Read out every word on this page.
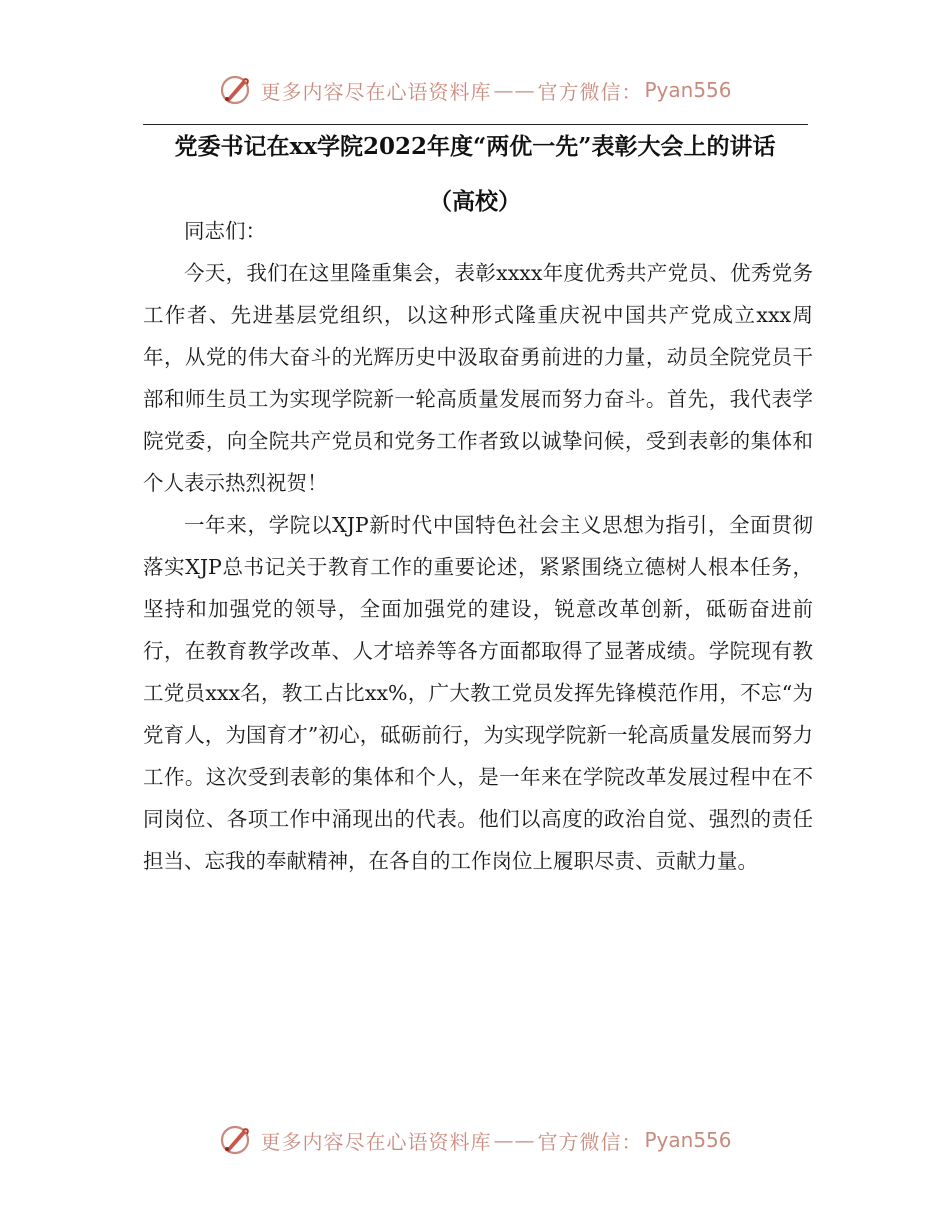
更多内容尽在心语资料库 —— 官方微信： Pyan556
党委书记在xx学院2022年度“两优一先”表彰大会上的讲话
（高校）

同志们：

今天，我们在这里隆重集会，表彰xxxx年度优秀共产党员、优秀党务工作者、先进基层党组织，以这种形式隆重庆祝中国共产党成立xxx周年，从党的伟大奋斗的光辉历史中汲取奋勇前进的力量，动员全院党员干部和师生员工为实现学院新一轮高质量发展而努力奋斗。首先，我代表学院党委，向全院共产党员和党务工作者致以诚挚问候，受到表彰的集体和个人表示热烈祝贺！

一年来，学院以XJP新时代中国特色社会主义思想为指引，全面贯彻落实XJP总书记关于教育工作的重要论述，紧紧围绕立德树人根本任务，坚持和加强党的领导，全面加强党的建设，锐意改革创新，砥砺奋进前行，在教育教学改革、人才培养等各方面都取得了显著成绩。学院现有教工党员xxx名，教工占比xx%，广大教工党员发挥先锋模范作用，不忘“为党育人，为国育才”初心，砥砺前行，为实现学院新一轮高质量发展而努力工作。这次受到表彰的集体和个人，是一年来在学院改革发展过程中在不同岗位、各项工作中涌现出的代表。他们以高度的政治自觉、强烈的责任担当、忘我的奉献精神，在各自的工作岗位上履职尽责、贡献力量。

更多内容尽在心语资料库 —— 官方微信： Pyan556
